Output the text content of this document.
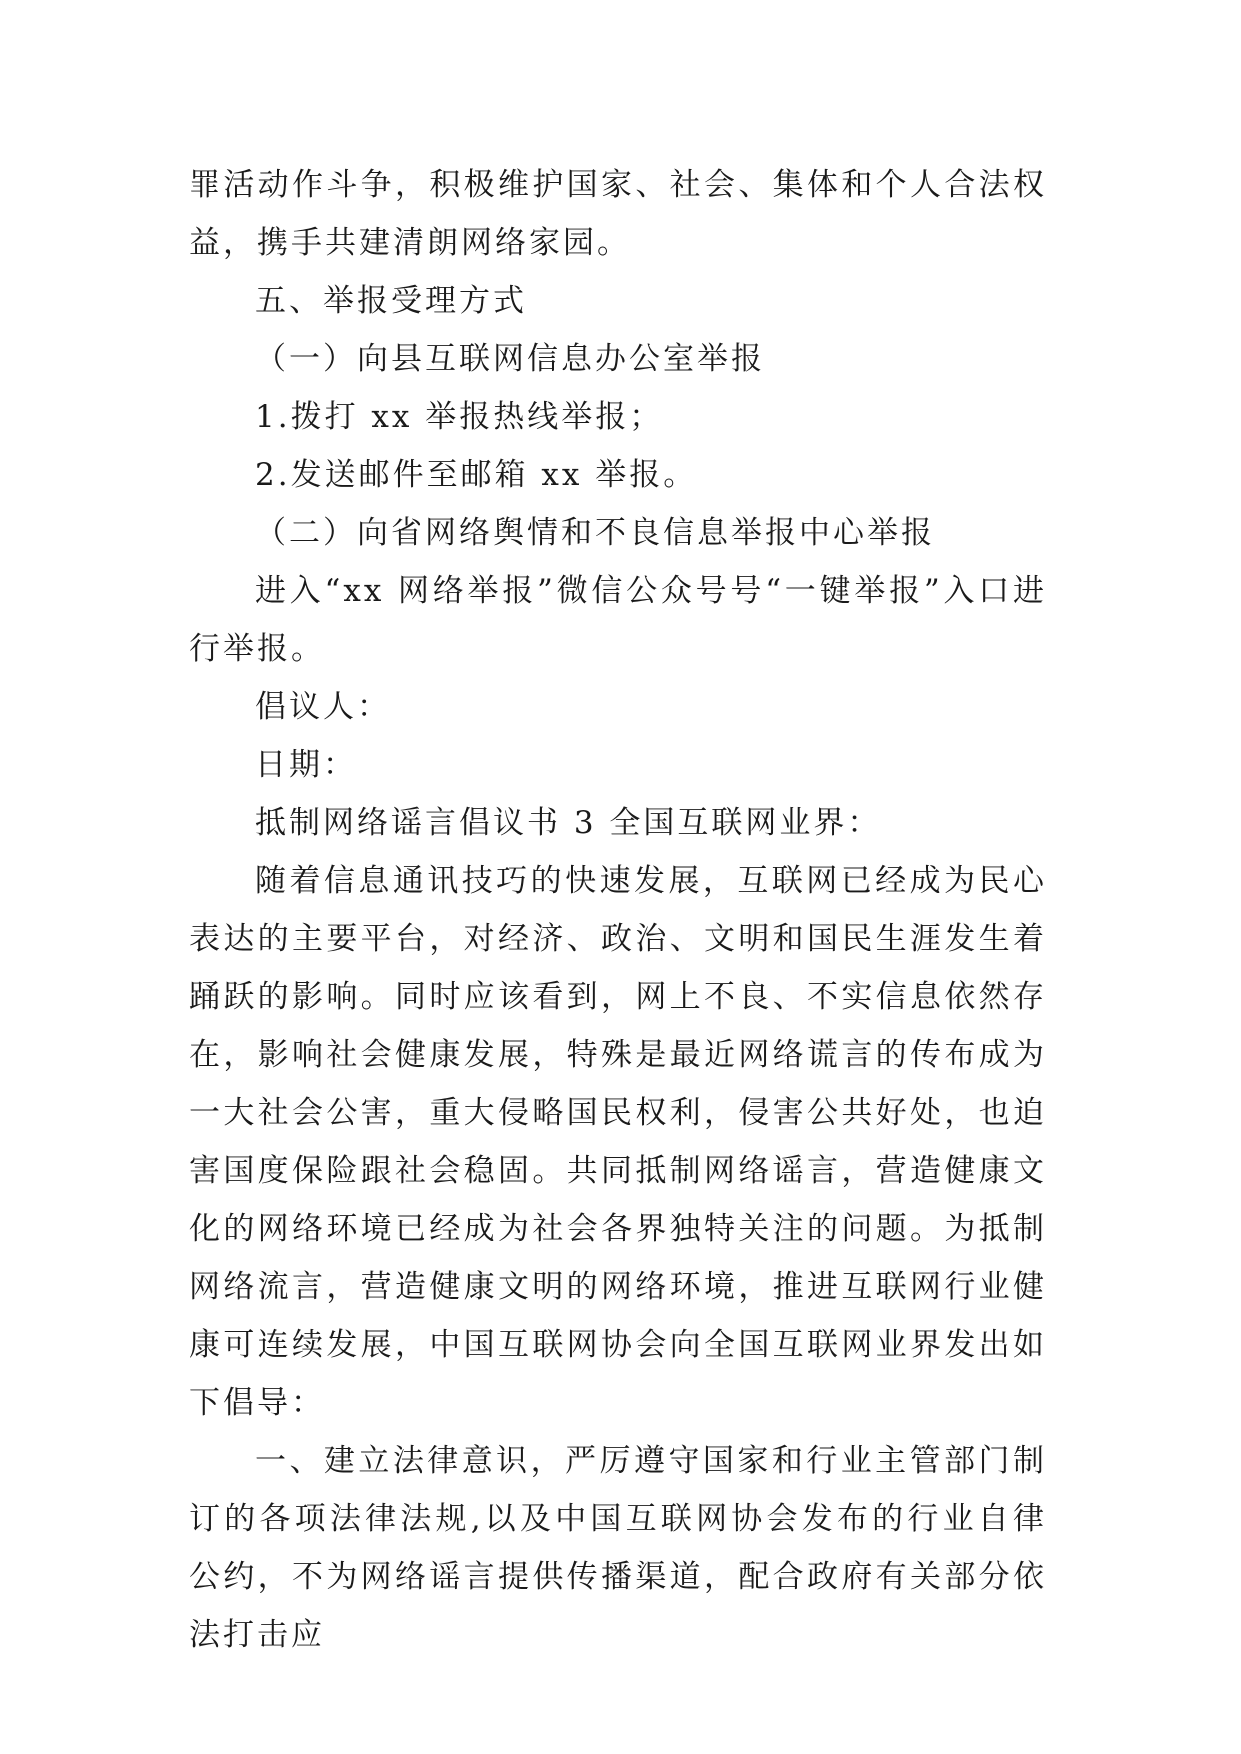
罪活动作斗争，积极维护国家、社会、集体和个人合法权益，携手共建清朗网络家园。

五、举报受理方式

（一）向县互联网信息办公室举报

1.拨打 xx 举报热线举报；

2.发送邮件至邮箱 xx 举报。

（二）向省网络舆情和不良信息举报中心举报

进入“xx 网络举报”微信公众号号“一键举报”入口进行举报。

倡议人：

日期：

抵制网络谣言倡议书 3 全国互联网业界：

随着信息通讯技巧的快速发展，互联网已经成为民心表达的主要平台，对经济、政治、文明和国民生涯发生着踊跃的影响。同时应该看到，网上不良、不实信息依然存在，影响社会健康发展，特殊是最近网络谎言的传布成为一大社会公害，重大侵略国民权利，侵害公共好处，也迫害国度保险跟社会稳固。共同抵制网络谣言，营造健康文化的网络环境已经成为社会各界独特关注的问题。为抵制网络流言，营造健康文明的网络环境，推进互联网行业健康可连续发展，中国互联网协会向全国互联网业界发出如下倡导：

一、建立法律意识，严厉遵守国家和行业主管部门制订的各项法律法规,以及中国互联网协会发布的行业自律公约，不为网络谣言提供传播渠道，配合政府有关部分依法打击应
